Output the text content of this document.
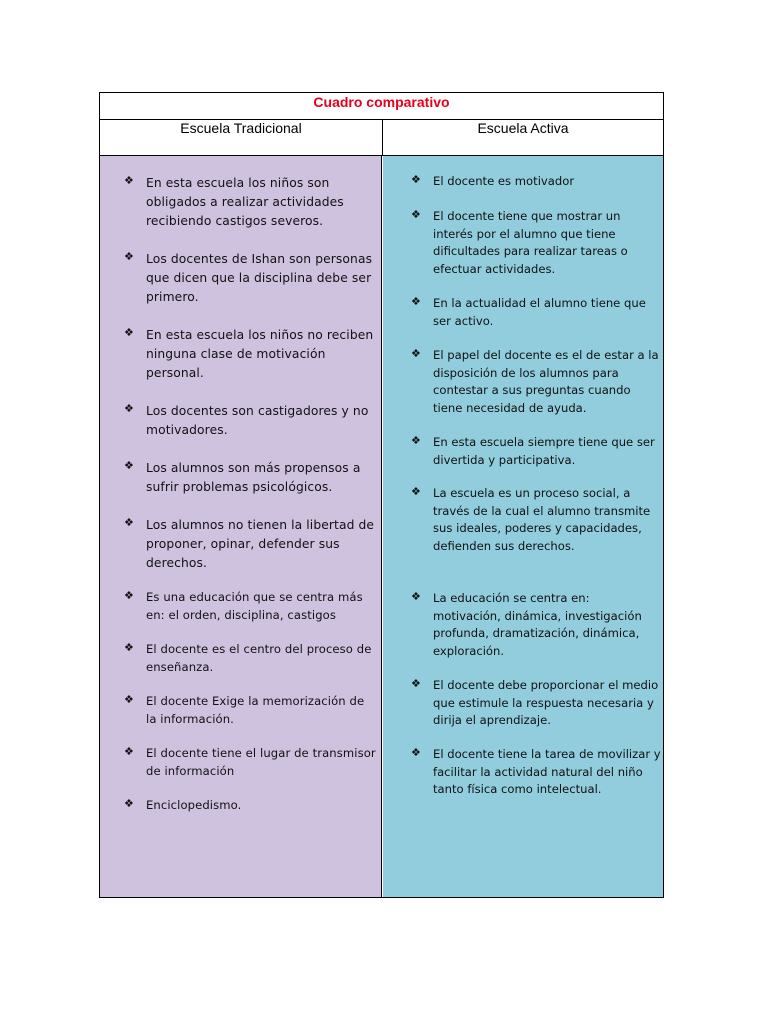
Cuadro comparativo
Escuela Tradicional	Escuela Activa
❖ En esta escuela los niños son obligados a realizar actividades recibiendo castigos severos.
❖ Los docentes de Ishan son personas que dicen que la disciplina debe ser primero.
❖ En esta escuela los niños no reciben ninguna clase de motivación personal.
❖ Los docentes son castigadores y no motivadores.
❖ Los alumnos son más propensos a sufrir problemas psicológicos.
❖ Los alumnos no tienen la libertad de proponer, opinar, defender sus derechos.
❖ Es una educación que se centra más en: el orden, disciplina, castigos
❖ El docente es el centro del proceso de enseñanza.
❖ El docente Exige la memorización de la información.
❖ El docente tiene el lugar de transmisor de información
❖ Enciclopedismo.
❖ El docente es motivador
❖ El docente tiene que mostrar un interés por el alumno que tiene dificultades para realizar tareas o efectuar actividades.
❖ En la actualidad el alumno tiene que ser activo.
❖ El papel del docente es el de estar a la disposición de los alumnos para contestar a sus preguntas cuando tiene necesidad de ayuda.
❖ En esta escuela siempre tiene que ser divertida y participativa.
❖ La escuela es un proceso social, a través de la cual el alumno transmite sus ideales, poderes y capacidades, defienden sus derechos.
❖ La educación se centra en: motivación, dinámica, investigación profunda, dramatización, dinámica, exploración.
❖ El docente debe proporcionar el medio que estimule la respuesta necesaria y dirija el aprendizaje.
❖ El docente tiene la tarea de movilizar y facilitar la actividad natural del niño tanto física como intelectual.
